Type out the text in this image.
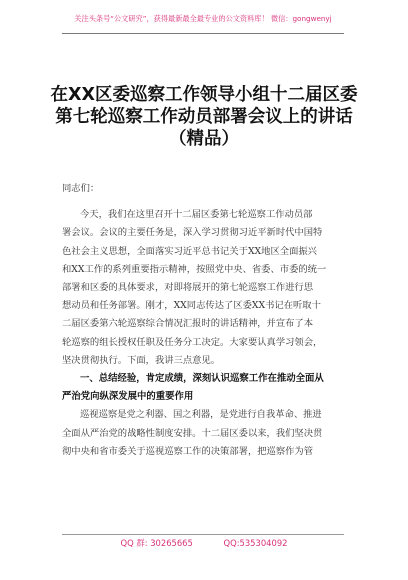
关注头条号“公文研究”，获得最新最全最专业的公文资料库！ 微信：gongwenyj
在XX区委巡察工作领导小组十二届区委
第七轮巡察工作动员部署会议上的讲话
（精品）
同志们：
今天，我们在这里召开十二届区委第七轮巡察工作动员部
署会议。会议的主要任务是，深入学习贯彻习近平新时代中国特
色社会主义思想，全面落实习近平总书记关于XX地区全面振兴
和XX工作的系列重要指示精神，按照党中央、省委、市委的统一
部署和区委的具体要求，对即将展开的第七轮巡察工作进行思
想动员和任务部署。刚才，XX同志传达了区委XX书记在听取十
二届区委第六轮巡察综合情况汇报时的讲话精神，并宣布了本
轮巡察的组长授权任职及任务分工决定。大家要认真学习领会，
坚决贯彻执行。下面，我讲三点意见。
一、总结经验，肯定成绩，深刻认识巡察工作在推动全面从
严治党向纵深发展中的重要作用
巡视巡察是党之利器、国之利器，是党进行自我革命、推进
全面从严治党的战略性制度安排。十二届区委以来，我们坚决贯
彻中央和省市委关于巡视巡察工作的决策部署，把巡察作为管
QQ 群: 30265665	QQ:535304092
